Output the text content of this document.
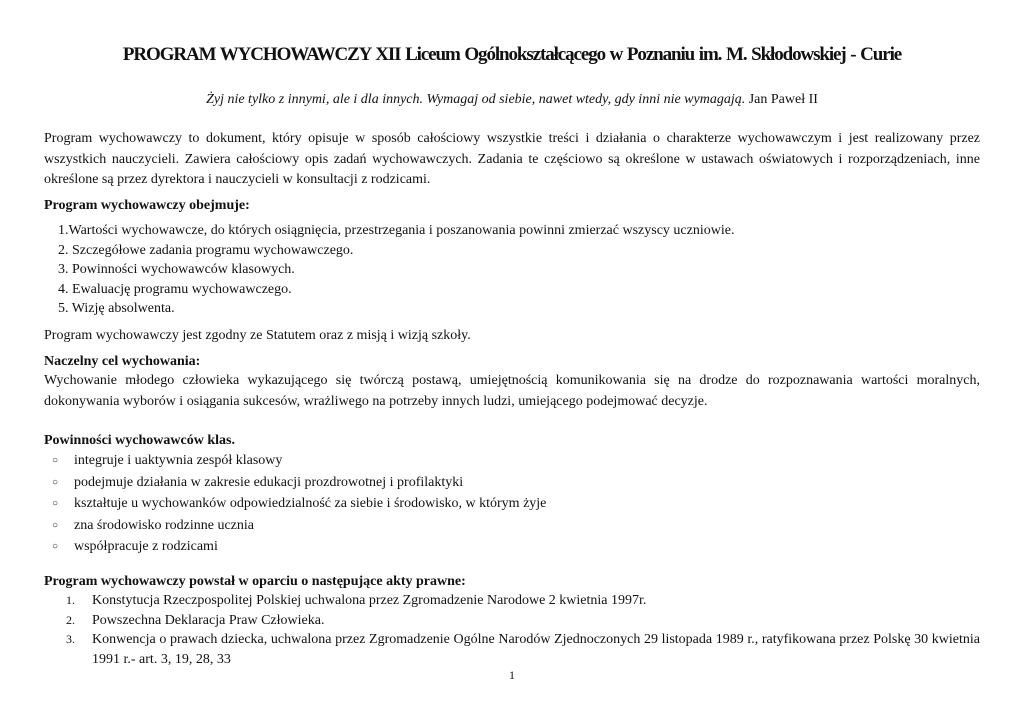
PROGRAM WYCHOWAWCZY XII Liceum Ogólnokształcącego w Poznaniu im. M. Skłodowskiej - Curie
Żyj nie tylko z innymi, ale i dla innych. Wymagaj od siebie, nawet wtedy, gdy inni nie wymagają. Jan Paweł II
Program wychowawczy to dokument, który opisuje w sposób całościowy wszystkie treści i działania o charakterze wychowawczym i jest realizowany przez wszystkich nauczycieli. Zawiera całościowy opis zadań wychowawczych. Zadania te częściowo są określone w ustawach oświatowych i rozporządzeniach, inne określone są przez dyrektora i nauczycieli w konsultacji z rodzicami.
Program wychowawczy obejmuje:
1.Wartości wychowawcze, do których osiągnięcia, przestrzegania i poszanowania powinni zmierzać wszyscy uczniowie.
2. Szczegółowe zadania programu wychowawczego.
3. Powinności wychowawców klasowych.
4. Ewaluację programu wychowawczego.
5. Wizję absolwenta.
Program wychowawczy jest zgodny ze Statutem oraz z misją i wizją szkoły.
Naczelny cel wychowania:
Wychowanie młodego człowieka wykazującego się twórczą postawą, umiejętnością komunikowania się na drodze do rozpoznawania wartości moralnych, dokonywania wyborów i osiągania sukcesów, wrażliwego na potrzeby innych ludzi, umiejącego podejmować decyzje.
Powinności wychowawców klas.
○ integruje i uaktywnia zespół klasowy
○ podejmuje działania w zakresie edukacji prozdrowotnej i profilaktyki
○ kształtuje u wychowanków odpowiedzialność za siebie i środowisko, w którym żyje
○ zna środowisko rodzinne ucznia
○ współpracuje z rodzicami
Program wychowawczy powstał w oparciu o następujące akty prawne:
1. Konstytucja Rzeczpospolitej Polskiej uchwalona przez Zgromadzenie Narodowe 2 kwietnia 1997r.
2. Powszechna Deklaracja Praw Człowieka.
3. Konwencja o prawach dziecka, uchwalona przez Zgromadzenie Ogólne Narodów Zjednoczonych 29 listopada 1989 r., ratyfikowana przez Polskę 30 kwietnia 1991 r.- art. 3, 19, 28, 33
1
